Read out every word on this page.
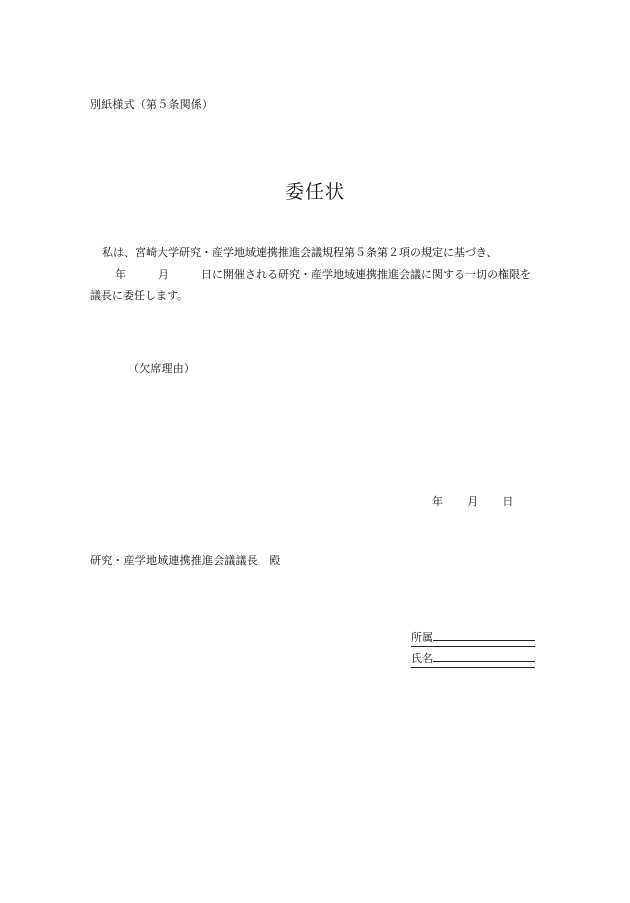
別紙様式（第５条関係）
委任状
私は、宮崎大学研究・産学地域連携推進会議規程第５条第２項の規定に基づき、
年	月	日に開催される研究・産学地域連携推進会議に関する一切の権限を
議長に委任します。
（欠席理由）
年 月 日
研究・産学地域連携推進会議議長　殿
所属
氏名
